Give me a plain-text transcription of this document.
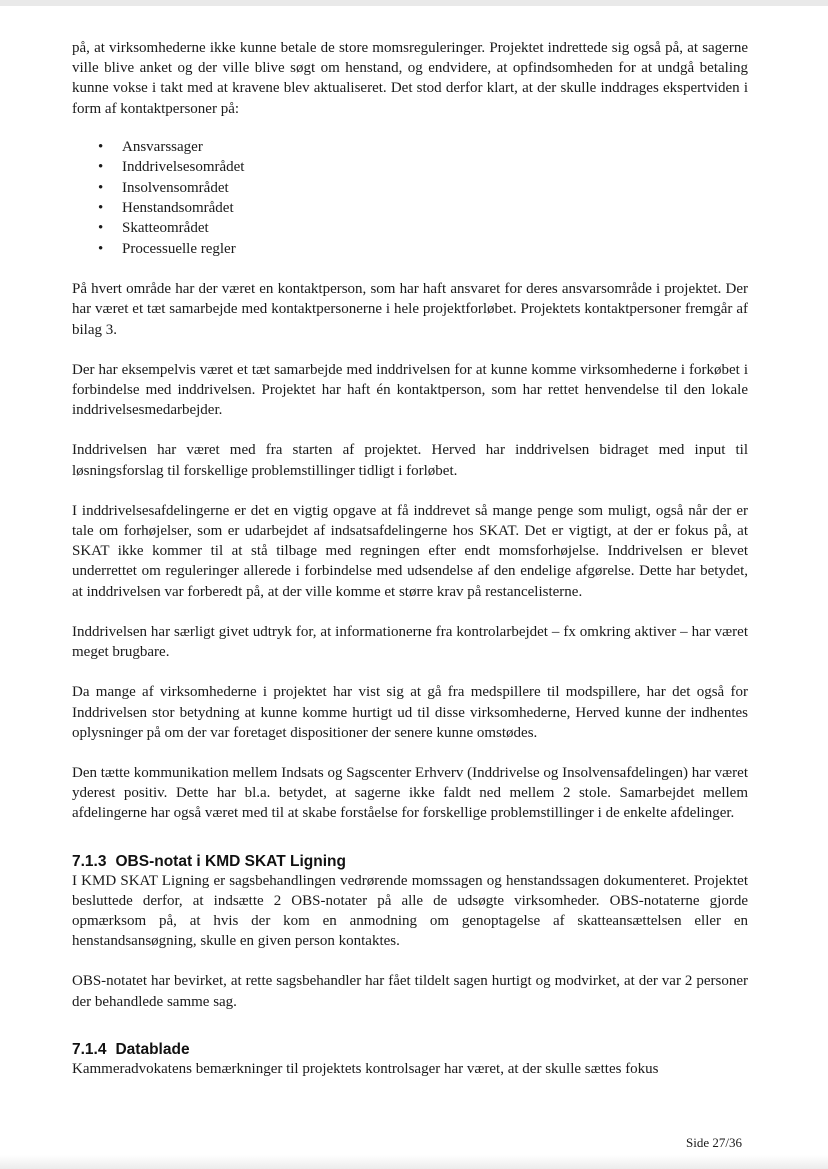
på, at virksomhederne ikke kunne betale de store momsreguleringer. Projektet indrettede sig også på, at sagerne ville blive anket og der ville blive søgt om henstand, og endvidere, at opfindsomheden for at undgå betaling kunne vokse i takt med at kravene blev aktualiseret. Det stod derfor klart, at der skulle inddrages ekspertviden i form af kontaktpersoner på:

• Ansvarssager
• Inddrivelsesområdet
• Insolvensområdet
• Henstandsområdet
• Skatteområdet
• Processuelle regler

På hvert område har der været en kontaktperson, som har haft ansvaret for deres ansvarsområde i projektet. Der har været et tæt samarbejde med kontaktpersonerne i hele projektforløbet. Projektets kontaktpersoner fremgår af bilag 3.

Der har eksempelvis været et tæt samarbejde med inddrivelsen for at kunne komme virksomhederne i forkøbet i forbindelse med inddrivelsen. Projektet har haft én kontaktperson, som har rettet henvendelse til den lokale inddrivelsesmedarbejder.

Inddrivelsen har været med fra starten af projektet. Herved har inddrivelsen bidraget med input til løsningsforslag til forskellige problemstillinger tidligt i forløbet.

I inddrivelsesafdelingerne er det en vigtig opgave at få inddrevet så mange penge som muligt, også når der er tale om forhøjelser, som er udarbejdet af indsatsafdelingerne hos SKAT. Det er vigtigt, at der er fokus på, at SKAT ikke kommer til at stå tilbage med regningen efter endt momsforhøjelse. Inddrivelsen er blevet underrettet om reguleringer allerede i forbindelse med udsendelse af den endelige afgørelse. Dette har betydet, at inddrivelsen var forberedt på, at der ville komme et større krav på restancelisterne.

Inddrivelsen har særligt givet udtryk for, at informationerne fra kontrolarbejdet – fx omkring aktiver – har været meget brugbare.

Da mange af virksomhederne i projektet har vist sig at gå fra medspillere til modspillere, har det også for Inddrivelsen stor betydning at kunne komme hurtigt ud til disse virksomhederne, Herved kunne der indhentes oplysninger på om der var foretaget dispositioner der senere kunne omstødes.

Den tætte kommunikation mellem Indsats og Sagscenter Erhverv (Inddrivelse og Insolvensafdelingen) har været yderest positiv. Dette har bl.a. betydet, at sagerne ikke faldt ned mellem 2 stole. Samarbejdet mellem afdelingerne har også været med til at skabe forståelse for forskellige problemstillinger i de enkelte afdelinger.

7.1.3 OBS-notat i KMD SKAT Ligning

I KMD SKAT Ligning er sagsbehandlingen vedrørende momssagen og henstandssagen dokumenteret. Projektet besluttede derfor, at indsætte 2 OBS-notater på alle de udsøgte virksomheder. OBS-notaterne gjorde opmærksom på, at hvis der kom en anmodning om genoptagelse af skatteansættelsen eller en henstandsansøgning, skulle en given person kontaktes.

OBS-notatet har bevirket, at rette sagsbehandler har fået tildelt sagen hurtigt og modvirket, at der var 2 personer der behandlede samme sag.

7.1.4 Datablade

Kammeradvokatens bemærkninger til projektets kontrolsager har været, at der skulle sættes fokus

Side 27/36
